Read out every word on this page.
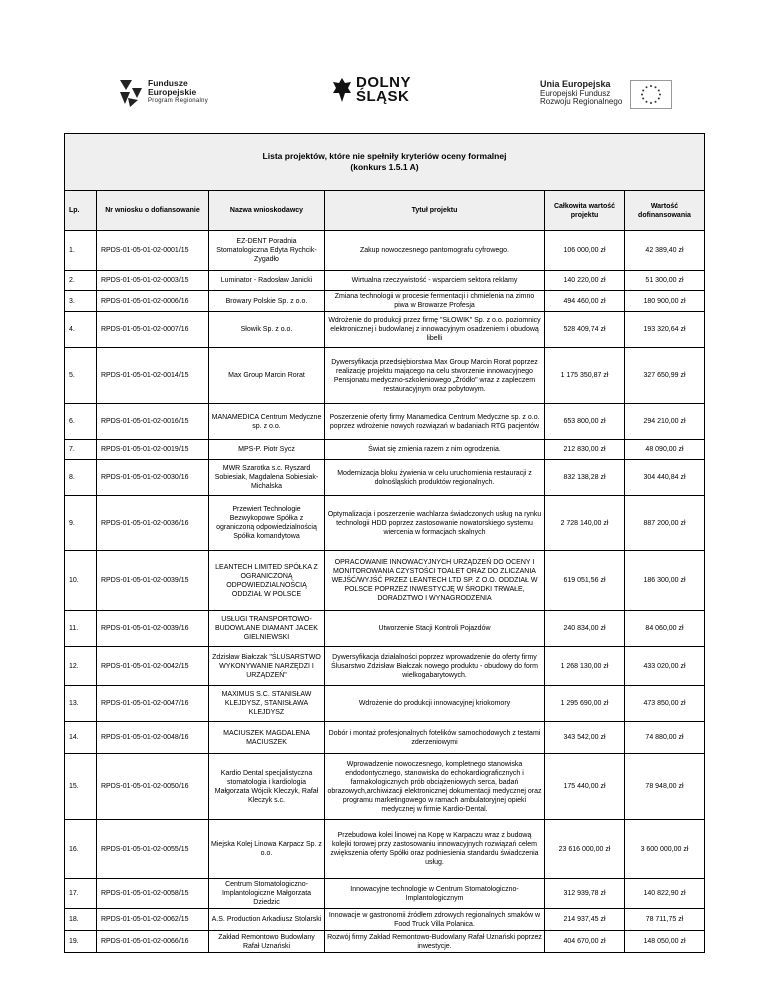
Fundusze
Europejskie
Program Regionalny
DOLNY
ŚLĄSK
Unia Europejska
Europejski Fundusz
Rozwoju Regionalnego
Lista projektów, które nie spełniły kryteriów oceny formalnej
(konkurs 1.5.1 A)					

Lp.	Nr wniosku o dofiansowanie	Nazwa wnioskodawcy	Tytuł projektu	Całkowita wartość projektu	Wartość dofinansowania
1.	RPDS-01-05-01-02-0001/15	EZ-DENT Poradnia Stomatologiczna Edyta Rychcik-Zygadło	Zakup nowoczesnego pantomografu cyfrowego.	106 000,00 zł	42 389,40 zł
2.	RPDS-01-05-01-02-0003/15	Luminator - Radosław Janicki	Wirtualna rzeczywistość - wsparciem sektora reklamy	140 220,00 zł	51 300,00 zł
3.	RPDS-01-05-01-02-0006/16	Browary Polskie Sp. z o.o.	Zmiana technologii w procesie fermentacji i chmielenia na zimno piwa w Browarze Profesja	494 460,00 zł	180 900,00 zł
4.	RPDS-01-05-01-02-0007/16	Słowik Sp. z o.o.	Wdrożenie do produkcji przez firmę "SŁOWIK" Sp. z o.o. poziomnicy elektronicznej i budowlanej z innowacyjnym osadzeniem i obudową libelli	528 409,74 zł	193 320,64 zł
5.	RPDS-01-05-01-02-0014/15	Max Group Marcin Rorat	Dywersyfikacja przedsiębiorstwa Max Group Marcin Rorat poprzez realizację projektu mającego na celu stworzenie innowacyjnego Pensjonatu medyczno-szkoleniowego „Źródło" wraz z zapleczem restauracyjnym oraz pobytowym.	1 175 350,87 zł	327 650,99 zł
6.	RPDS-01-05-01-02-0016/15	MANAMEDICA Centrum Medyczne sp. z o.o.	Poszerzenie oferty firmy Manamedica Centrum Medyczne sp. z o.o. poprzez wdrożenie nowych rozwiązań w badaniach RTG pacjentów	653 800,00 zł	294 210,00 zł
7.	RPDS-01-05-01-02-0019/15	MPS-P. Piotr Sycz	Świat się zmienia razem z nim ogrodzenia.	212 830,00 zł	48 090,00 zł
8.	RPDS-01-05-01-02-0030/16	MWR Szarotka s.c. Ryszard Sobiesiak, Magdalena Sobiesiak-Michalska	Modernizacja bloku żywienia w celu uruchomienia restauracji z dolnośląskich produktów regionalnych.	832 138,28 zł	304 440,84 zł
9.	RPDS-01-05-01-02-0036/16	Przewiert Technologie Bezwykopowe Spółka z ograniczoną odpowiedzialnością Spółka komandytowa	Optymalizacja i poszerzenie wachlarza świadczonych usług na rynku technologii HDD poprzez zastosowanie nowatorskiego systemu wiercenia w formacjach skalnych	2 728 140,00 zł	887 200,00 zł
10.	RPDS-01-05-01-02-0039/15	LEANTECH LIMITED SPÓŁKA Z OGRANICZONĄ ODPOWIEDZIALNOŚCIĄ ODDZIAŁ W POLSCE	OPRACOWANIE INNOWACYJNYCH URZĄDZEŃ DO OCENY I MONITOROWANIA CZYSTOŚCI TOALET ORAZ DO ZLICZANIA WEJŚĆ/WYJŚĆ PRZEZ LEANTECH LTD SP. Z O.O. ODDZIAŁ W POLSCE POPRZEZ INWESTYCJĘ W ŚRODKI TRWAŁE, DORADZTWO I WYNAGRODZENIA	619 051,56 zł	186 300,00 zł
11.	RPDS-01-05-01-02-0039/16	USŁUGI TRANSPORTOWO-BUDOWLANE DIAMANT JACEK GIELNIEWSKI	Utworzenie Stacji Kontroli Pojazdów	240 834,00 zł	84 060,00 zł
12.	RPDS-01-05-01-02-0042/15	Zdzisław Białczak "ŚLUSARSTWO WYKONYWANIE NARZĘDZI I URZĄDZEŃ"	Dywersyfikacja działalności poprzez wprowadzenie do oferty firmy Ślusarstwo Zdzisław Białczak nowego produktu - obudowy do form wielkogabarytowych.	1 268 130,00 zł	433 020,00 zł
13.	RPDS-01-05-01-02-0047/16	MAXIMUS S.C. STANISŁAW KLEJDYSZ, STANISŁAWA KLEJDYSZ	Wdrożenie do produkcji innowacyjnej kriokomory	1 295 690,00 zł	473 850,00 zł
14.	RPDS-01-05-01-02-0048/16	MACIUSZEK MAGDALENA MACIUSZEK	Dobór i montaż profesjonalnych fotelików samochodowych z testami zderzeniowymi	343 542,00 zł	74 880,00 zł
15.	RPDS-01-05-01-02-0050/16	Kardio Dental specjalistyczna stomatologia i kardiologia Małgorzata Wójcik Kleczyk, Rafał Kleczyk s.c.	Wprowadzenie nowoczesnego, kompletnego stanowiska endodontycznego, stanowiska do echokardiograficznych i farmakologicznych prób obciążeniowych serca, badań obrazowych,archiwizacji elektronicznej dokumentacji medycznej oraz programu marketingowego w ramach ambulatoryjnej opieki medycznej w firmie Kardio-Dental.	175 440,00 zł	78 948,00 zł
16.	RPDS-01-05-01-02-0055/15	Miejska Kolej Linowa Karpacz Sp. z o.o.	Przebudowa kolei linowej na Kopę w Karpaczu wraz z budową kolejki torowej przy zastosowaniu innowacyjnych rozwiązań celem zwiększenia oferty Spółki oraz podniesienia standardu świadczenia usług.	23 616 000,00 zł	3 600 000,00 zł
17.	RPDS-01-05-01-02-0058/15	Centrum Stomatologiczno-Implantologiczne Małgorzata Dziedzic	Innowacyjne technologie w Centrum Stomatologiczno-Implantologicznym	312 939,78 zł	140 822,90 zł
18.	RPDS-01-05-01-02-0062/15	A.S. Production Arkadiusz Stolarski	Innowacje w gastronomii źródłem zdrowych regionalnych smaków w Food Truck Villa Polanica.	214 937,45 zł	78 711,75 zł
19.	RPDS-01-05-01-02-0066/16	Zakład Remontowo Budowlany Rafał Uznański	Rozwój firmy Zakład Remontowo-Budowlany Rafał Uznański poprzez inwestycje.	404 670,00 zł	148 050,00 zł
